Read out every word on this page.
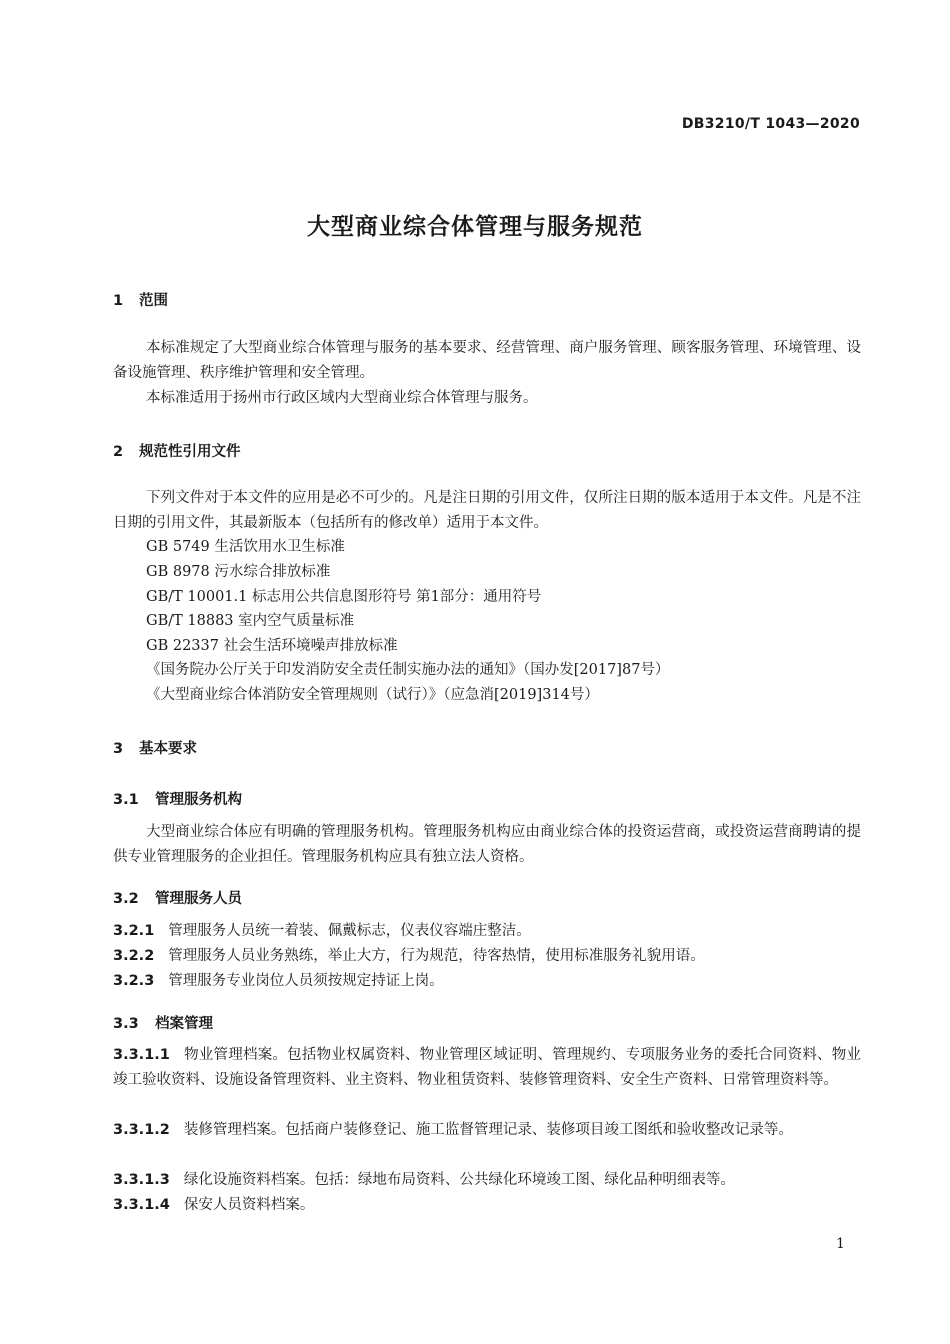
DB3210/T 1043—2020
大型商业综合体管理与服务规范
1 范围
本标准规定了大型商业综合体管理与服务的基本要求、经营管理、商户服务管理、顾客服务管理、环境管理、设备设施管理、秩序维护管理和安全管理。
本标准适用于扬州市行政区域内大型商业综合体管理与服务。
2 规范性引用文件
下列文件对于本文件的应用是必不可少的。凡是注日期的引用文件，仅所注日期的版本适用于本文件。凡是不注日期的引用文件，其最新版本（包括所有的修改单）适用于本文件。
GB 5749 生活饮用水卫生标准
GB 8978 污水综合排放标准
GB/T 10001.1 标志用公共信息图形符号 第1部分：通用符号
GB/T 18883 室内空气质量标准
GB 22337 社会生活环境噪声排放标准
《国务院办公厅关于印发消防安全责任制实施办法的通知》（国办发[2017]87号）
《大型商业综合体消防安全管理规则（试行）》（应急消[2019]314号）
3 基本要求
3.1 管理服务机构
大型商业综合体应有明确的管理服务机构。管理服务机构应由商业综合体的投资运营商，或投资运营商聘请的提供专业管理服务的企业担任。管理服务机构应具有独立法人资格。
3.2 管理服务人员
3.2.1 管理服务人员统一着装、佩戴标志，仪表仪容端庄整洁。
3.2.2 管理服务人员业务熟练，举止大方，行为规范，待客热情，使用标准服务礼貌用语。
3.2.3 管理服务专业岗位人员须按规定持证上岗。
3.3 档案管理
3.3.1.1 物业管理档案。包括物业权属资料、物业管理区域证明、管理规约、专项服务业务的委托合同资料、物业竣工验收资料、设施设备管理资料、业主资料、物业租赁资料、装修管理资料、安全生产资料、日常管理资料等。
3.3.1.2 装修管理档案。包括商户装修登记、施工监督管理记录、装修项目竣工图纸和验收整改记录等。
3.3.1.3 绿化设施资料档案。包括：绿地布局资料、公共绿化环境竣工图、绿化品种明细表等。
3.3.1.4 保安人员资料档案。
1
